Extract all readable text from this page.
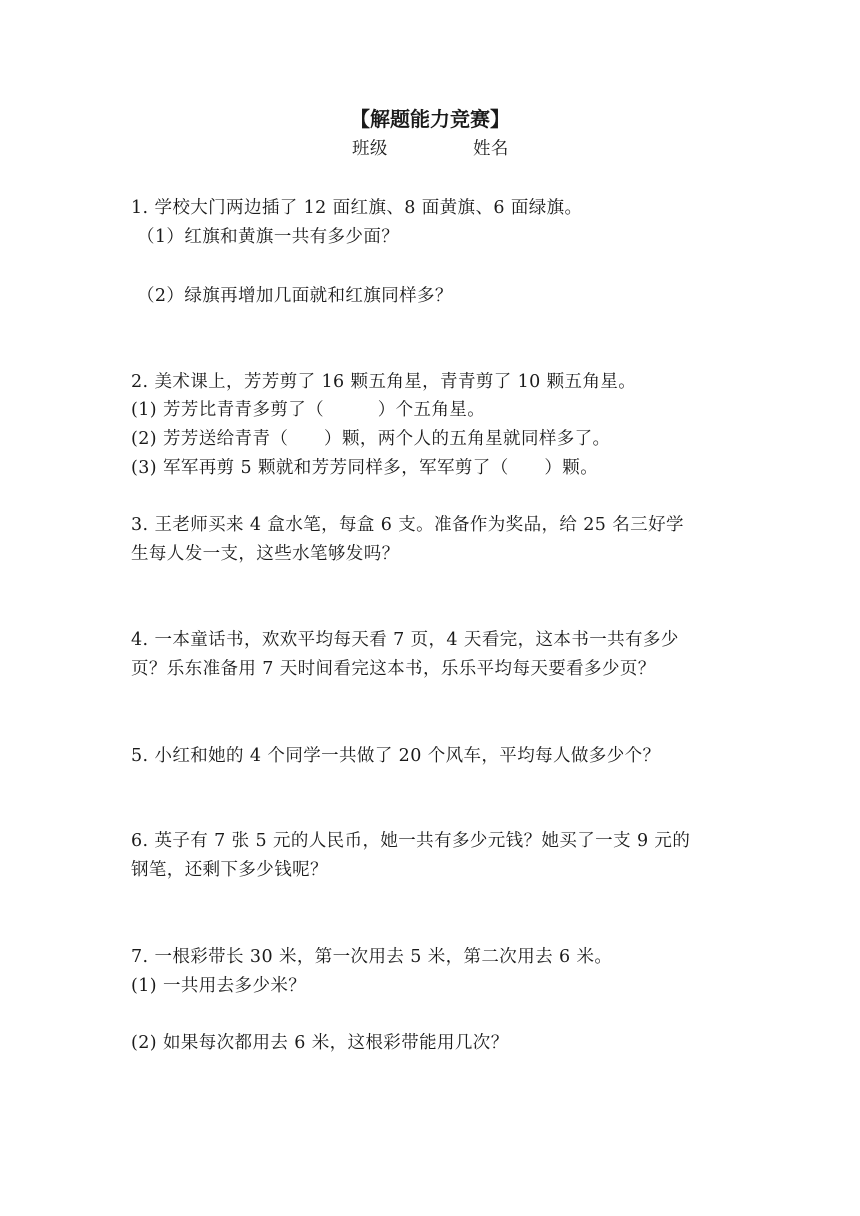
【解题能力竞赛】
班级	姓名
1. 学校大门两边插了 12 面红旗、8 面黄旗、6 面绿旗。
（1）红旗和黄旗一共有多少面？
（2）绿旗再增加几面就和红旗同样多？
2. 美术课上，芳芳剪了 16 颗五角星，青青剪了 10 颗五角星。
(1) 芳芳比青青多剪了（　　　）个五角星。
(2) 芳芳送给青青（　　）颗，两个人的五角星就同样多了。
(3) 军军再剪 5 颗就和芳芳同样多，军军剪了（　　）颗。
3. 王老师买来 4 盒水笔，每盒 6 支。准备作为奖品，给 25 名三好学
生每人发一支，这些水笔够发吗？
4. 一本童话书，欢欢平均每天看 7 页，4 天看完，这本书一共有多少
页？乐东准备用 7 天时间看完这本书，乐乐平均每天要看多少页？
5. 小红和她的 4 个同学一共做了 20 个风车，平均每人做多少个？
6. 英子有 7 张 5 元的人民币，她一共有多少元钱？她买了一支 9 元的
钢笔，还剩下多少钱呢？
7. 一根彩带长 30 米，第一次用去 5 米，第二次用去 6 米。
(1) 一共用去多少米？
(2) 如果每次都用去 6 米，这根彩带能用几次？
